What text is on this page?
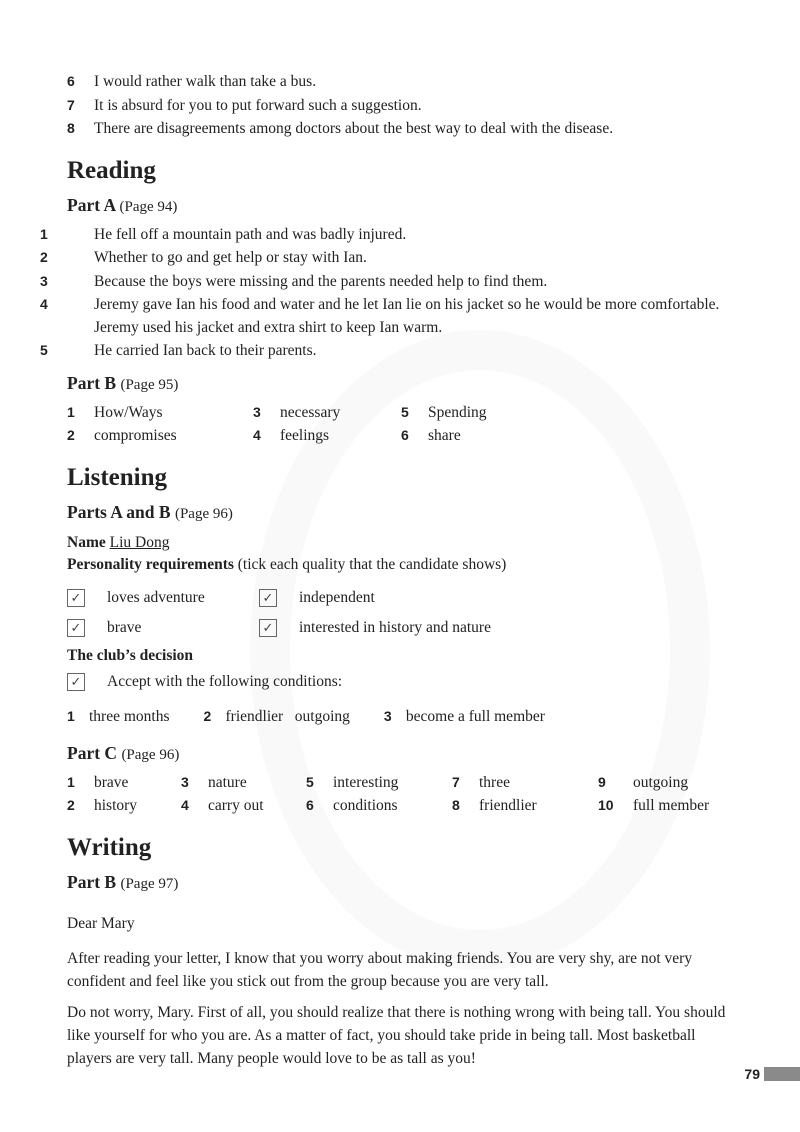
6 I would rather walk than take a bus.
7 It is absurd for you to put forward such a suggestion.
8 There are disagreements among doctors about the best way to deal with the disease.
Reading
Part A (Page 94)
1	He fell off a mountain path and was badly injured.
2	Whether to go and get help or stay with Ian.
3	Because the boys were missing and the parents needed help to find them.
4	Jeremy gave Ian his food and water and he let Ian lie on his jacket so he would be more comfortable. Jeremy used his jacket and extra shirt to keep Ian warm.
5	He carried Ian back to their parents.
Part B (Page 95)
1 How/Ways	3 necessary	5 Spending
2 compromises	4 feelings	6 share
Listening
Parts A and B (Page 96)
Name Liu Dong
Personality requirements (tick each quality that the candidate shows)
✓ loves adventure	✓ independent
✓ brave	✓ interested in history and nature
The club’s decision
✓ Accept with the following conditions:
1 three months	2 friendlier   outgoing	3 become a full member
Part C (Page 96)
1 brave	3 nature	5 interesting	7 three	9 outgoing
2 history	4 carry out	6 conditions	8 friendlier	10 full member
Writing
Part B (Page 97)

Dear Mary

After reading your letter, I know that you worry about making friends. You are very shy, are not very confident and feel like you stick out from the group because you are very tall.

Do not worry, Mary. First of all, you should realize that there is nothing wrong with being tall. You should like yourself for who you are. As a matter of fact, you should take pride in being tall. Most basketball players are very tall. Many people would love to be as tall as you!

79
